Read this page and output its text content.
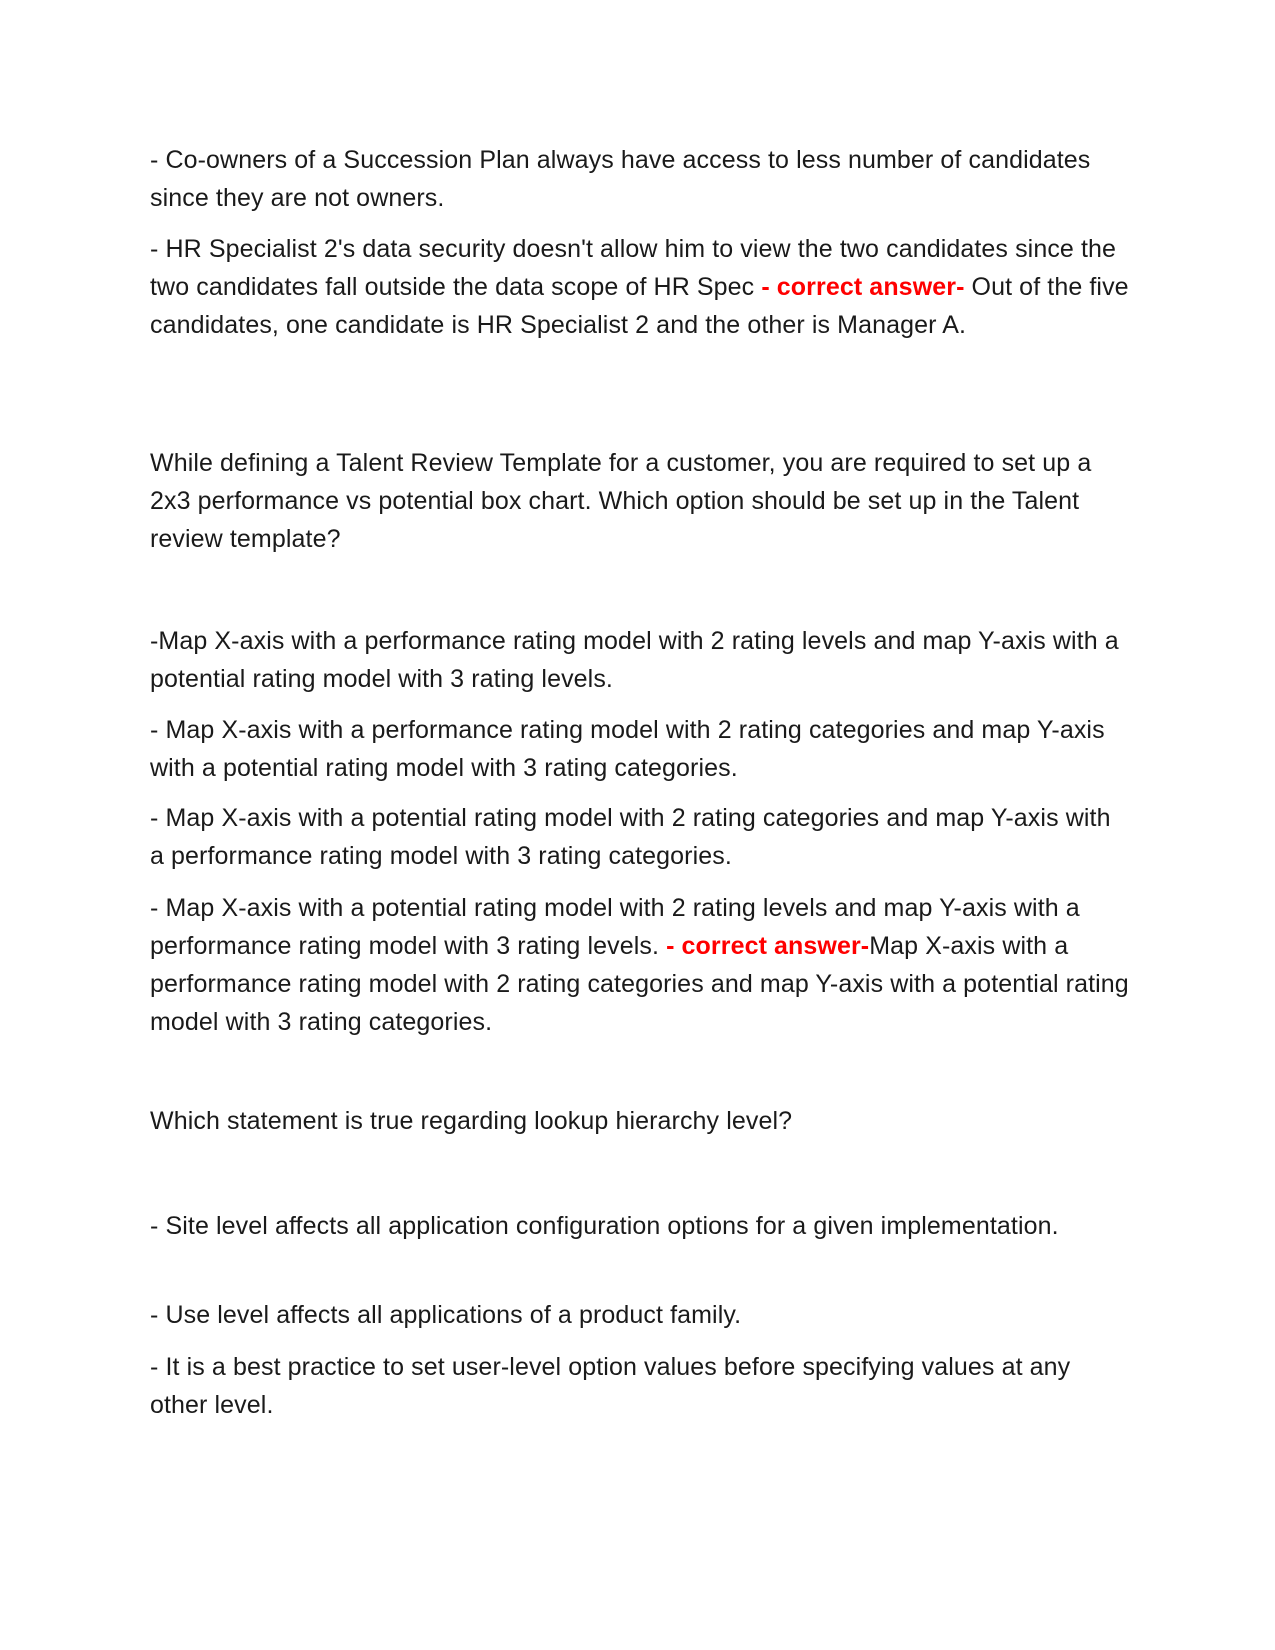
- Co-owners of a Succession Plan always have access to less number of candidates since they are not owners.

- HR Specialist 2's data security doesn't allow him to view the two candidates since the two candidates fall outside the data scope of HR Spec - correct answer- Out of the five candidates, one candidate is HR Specialist 2 and the other is Manager A.

While defining a Talent Review Template for a customer, you are required to set up a 2x3 performance vs potential box chart. Which option should be set up in the Talent review template?

-Map X-axis with a performance rating model with 2 rating levels and map Y-axis with a potential rating model with 3 rating levels.

- Map X-axis with a performance rating model with 2 rating categories and map Y-axis with a potential rating model with 3 rating categories.

- Map X-axis with a potential rating model with 2 rating categories and map Y-axis with a performance rating model with 3 rating categories.

- Map X-axis with a potential rating model with 2 rating levels and map Y-axis with a performance rating model with 3 rating levels. - correct answer-Map X-axis with a performance rating model with 2 rating categories and map Y-axis with a potential rating model with 3 rating categories.

Which statement is true regarding lookup hierarchy level?

- Site level affects all application configuration options for a given implementation.

- Use level affects all applications of a product family.

- It is a best practice to set user-level option values before specifying values at any other level.
